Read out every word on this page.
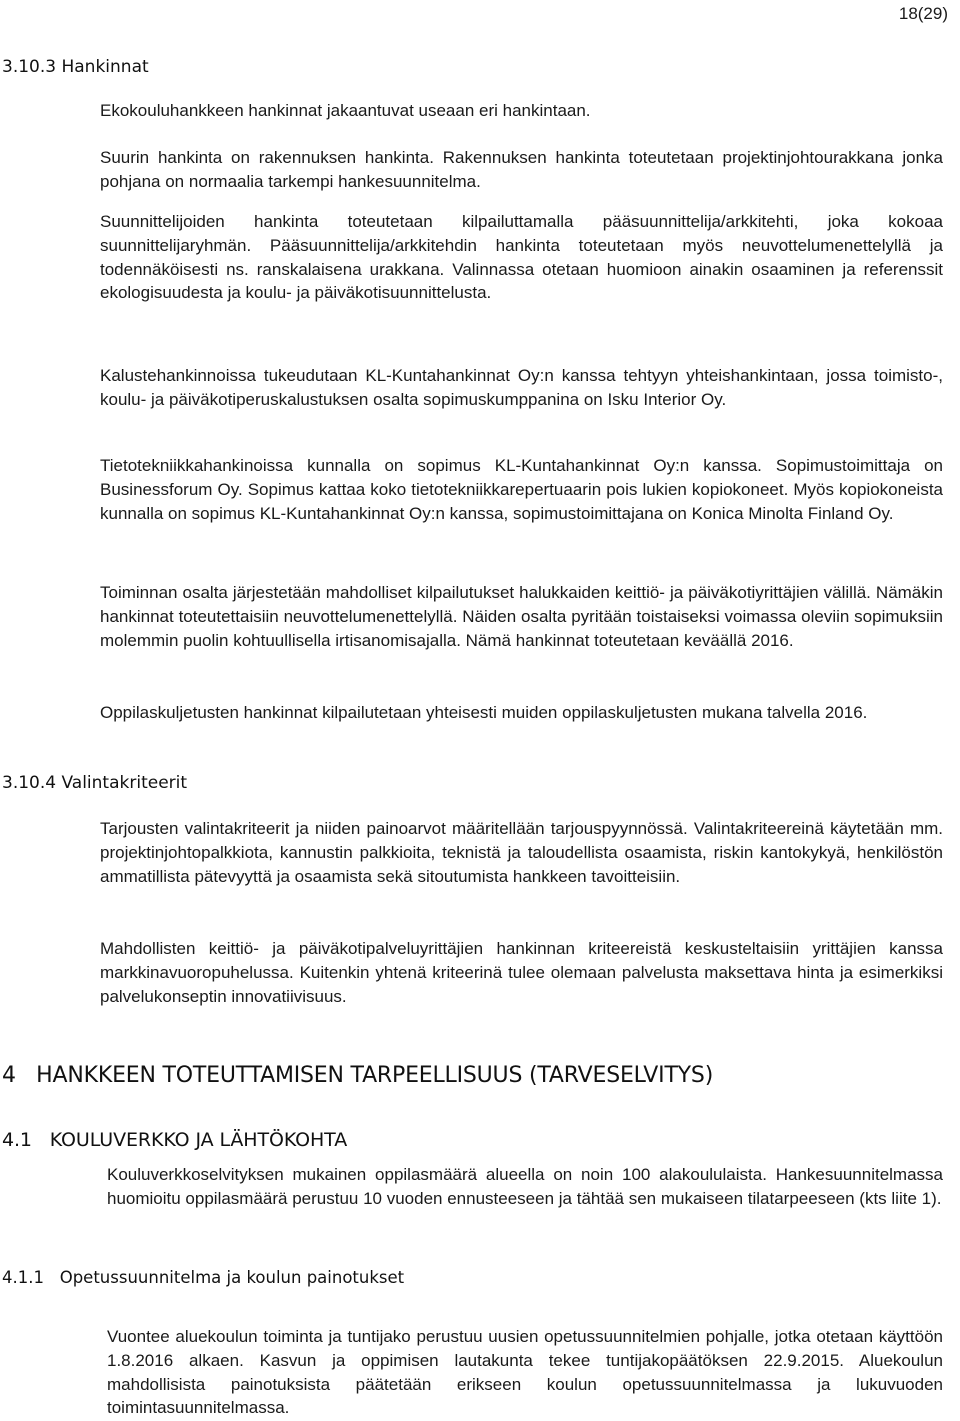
18(29)
3.10.3 Hankinnat

Ekokouluhankkeen hankinnat jakaantuvat useaan eri hankintaan.

Suurin hankinta on rakennuksen hankinta. Rakennuksen hankinta toteutetaan projektinjohtourakkana jonka pohjana on normaalia tarkempi hankesuunnitelma.

Suunnittelijoiden hankinta toteutetaan kilpailuttamalla pääsuunnittelija/arkkitehti, joka kokoaa suunnittelijaryhmän. Pääsuunnittelija/arkkitehdin hankinta toteutetaan myös neuvottelumenettelyllä ja todennäköisesti ns. ranskalaisena urakkana. Valinnassa otetaan huomioon ainakin osaaminen ja referenssit ekologisuudesta ja koulu- ja päiväkotisuunnittelusta.

Kalustehankinnoissa tukeudutaan KL-Kuntahankinnat Oy:n kanssa tehtyyn yhteishankintaan, jossa toimisto-, koulu- ja päiväkotiperuskalustuksen osalta sopimuskumppanina on Isku Interior Oy.

Tietotekniikkahankinoissa kunnalla on sopimus KL-Kuntahankinnat Oy:n kanssa. Sopimustoimittaja on Businessforum Oy. Sopimus kattaa koko tietotekniikkarepertuaarin pois lukien kopiokoneet. Myös kopiokoneista kunnalla on sopimus KL-Kuntahankinnat Oy:n kanssa, sopimustoimittajana on Konica Minolta Finland Oy.

Toiminnan osalta järjestetään mahdolliset kilpailutukset halukkaiden keittiö- ja päiväkotiyrittäjien välillä. Nämäkin hankinnat toteutettaisiin neuvottelumenettelyllä. Näiden osalta pyritään toistaiseksi voimassa oleviin sopimuksiin molemmin puolin kohtuullisella irtisanomisajalla. Nämä hankinnat toteutetaan keväällä 2016.

Oppilaskuljetusten hankinnat kilpailutetaan yhteisesti muiden oppilaskuljetusten mukana talvella 2016.

3.10.4 Valintakriteerit

Tarjousten valintakriteerit ja niiden painoarvot määritellään tarjouspyynnössä. Valintakriteereinä käytetään mm. projektinjohtopalkkiota, kannustin palkkioita, teknistä ja taloudellista osaamista, riskin kantokykyä, henkilöstön ammatillista pätevyyttä ja osaamista sekä sitoutumista hankkeen tavoitteisiin.

Mahdollisten keittiö- ja päiväkotipalveluyrittäjien hankinnan kriteereistä keskusteltaisiin yrittäjien kanssa markkinavuoropuhelussa. Kuitenkin yhtenä kriteerinä tulee olemaan palvelusta maksettava hinta ja esimerkiksi palvelukonseptin innovatiivisuus.

4   HANKKEEN TOTEUTTAMISEN TARPEELLISUUS (TARVESELVITYS)
4.1   KOULUVERKKO JA LÄHTÖKOHTA

Kouluverkkoselvityksen mukainen oppilasmäärä alueella on noin 100 alakoululaista. Hankesuunnitelmassa huomioitu oppilasmäärä perustuu 10 vuoden ennusteeseen ja tähtää sen mukaiseen tilatarpeeseen (kts liite 1).

4.1.1   Opetussuunnitelma ja koulun painotukset

Vuontee aluekoulun toiminta ja tuntijako perustuu uusien opetussuunnitelmien pohjalle, jotka otetaan käyttöön 1.8.2016 alkaen. Kasvun ja oppimisen lautakunta tekee tuntijakopäätöksen 22.9.2015. Aluekoulun mahdollisista painotuksista päätetään erikseen koulun opetussuunnitelmassa ja lukuvuoden toimintasuunnitelmassa.
